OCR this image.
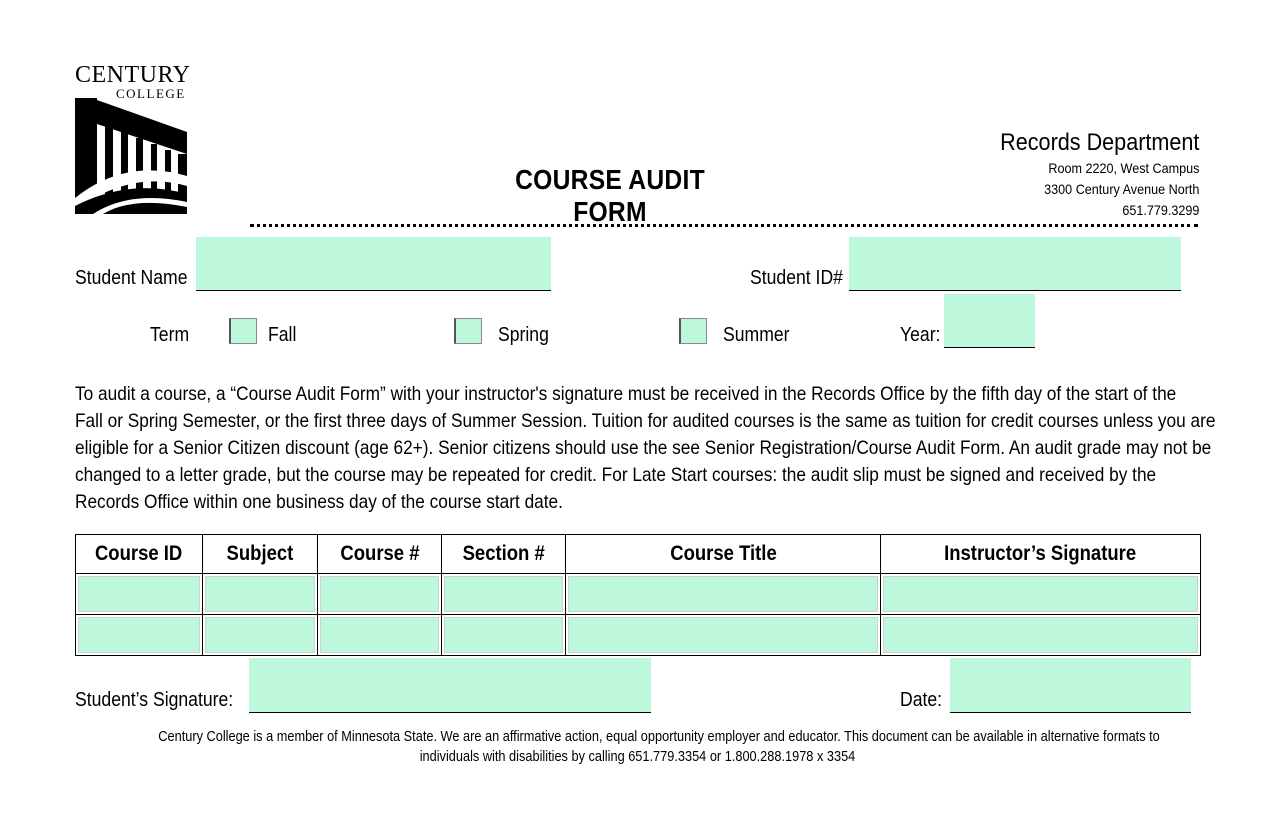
CENTURY
COLLEGE
COURSE AUDIT FORM
Records Department
Room 2220, West Campus
3300 Century Avenue North
651.779.3299
Student Name	Student ID#
Term	Fall	Spring	Summer	Year:
To audit a course, a “Course Audit Form” with your instructor's signature must be received in the Records Office by the fifth day of the start of the
Fall or Spring Semester, or the first three days of Summer Session. Tuition for audited courses is the same as tuition for credit courses unless you are
eligible for a Senior Citizen discount (age 62+). Senior citizens should use the see Senior Registration/Course Audit Form. An audit grade may not be
changed to a letter grade, but the course may be repeated for credit. For Late Start courses: the audit slip must be signed and received by the
Records Office within one business day of the course start date.
Course ID	Subject	Course #	Section #	Course Title	Instructor’s Signature

Student’s Signature:	Date:
Century College is a member of Minnesota State. We are an affirmative action, equal opportunity employer and educator. This document can be available in alternative formats to
individuals with disabilities by calling 651.779.3354 or 1.800.288.1978 x 3354
